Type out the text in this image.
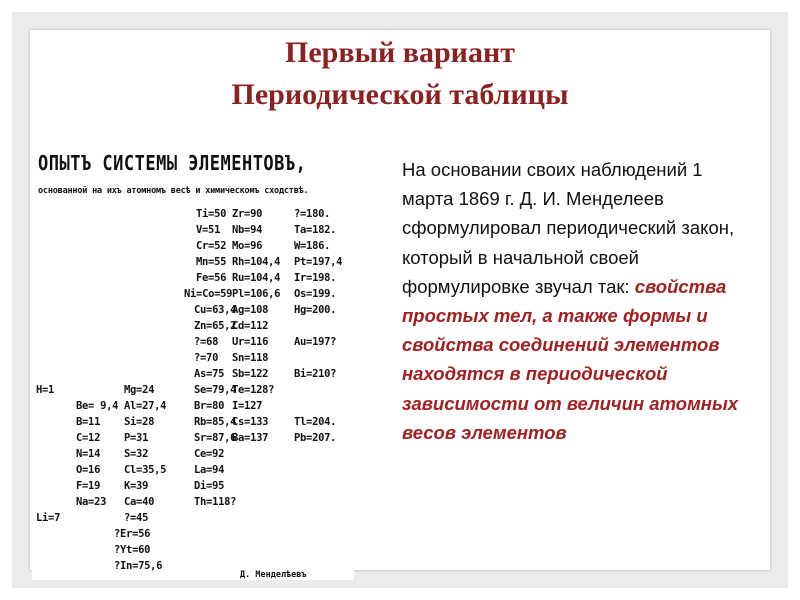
Первый вариант
Периодической таблицы
ОПЫТЪ СИСТЕМЫ ЭЛЕМЕНТОВЪ,
основанной на ихъ атомномъ весѣ и химическомъ сходствѣ.
Д. Менделѣевъ
H=1
Li=7
Be= 9,4
B=11
C=12
N=14
O=16
F=19
Na=23
Mg=24
Al=27,4
Si=28
P=31
S=32
Cl=35,5
K=39
Ca=40
?=45
?Er=56
?Yt=60
?In=75,6
Ti=50
V=51
Cr=52
Mn=55
Fe=56
Ni=Co=59
Cu=63,4
Zn=65,2
?=68
?=70
As=75
Se=79,4
Br=80
Rb=85,4
Sr=87,6
Ce=92
La=94
Di=95
Th=118?
Zr=90
Nb=94
Mo=96
Rh=104,4
Ru=104,4
Pl=106,6
Ag=108
Cd=112
Ur=116
Sn=118
Sb=122
Te=128?
I=127
Cs=133
Ba=137
?=180.
Ta=182.
W=186.
Pt=197,4
Ir=198.
Os=199.
Hg=200.
Au=197?
Bi=210?
Tl=204.
Pb=207.
На основании своих наблюдений 1 марта 1869 г. Д. И. Менделеев сформулировал периодический закон, который в начальной своей формулировке звучал так: свойства простых тел, а также формы и свойства соединений элементов находятся в периодической зависимости от величин атомных весов элементов
